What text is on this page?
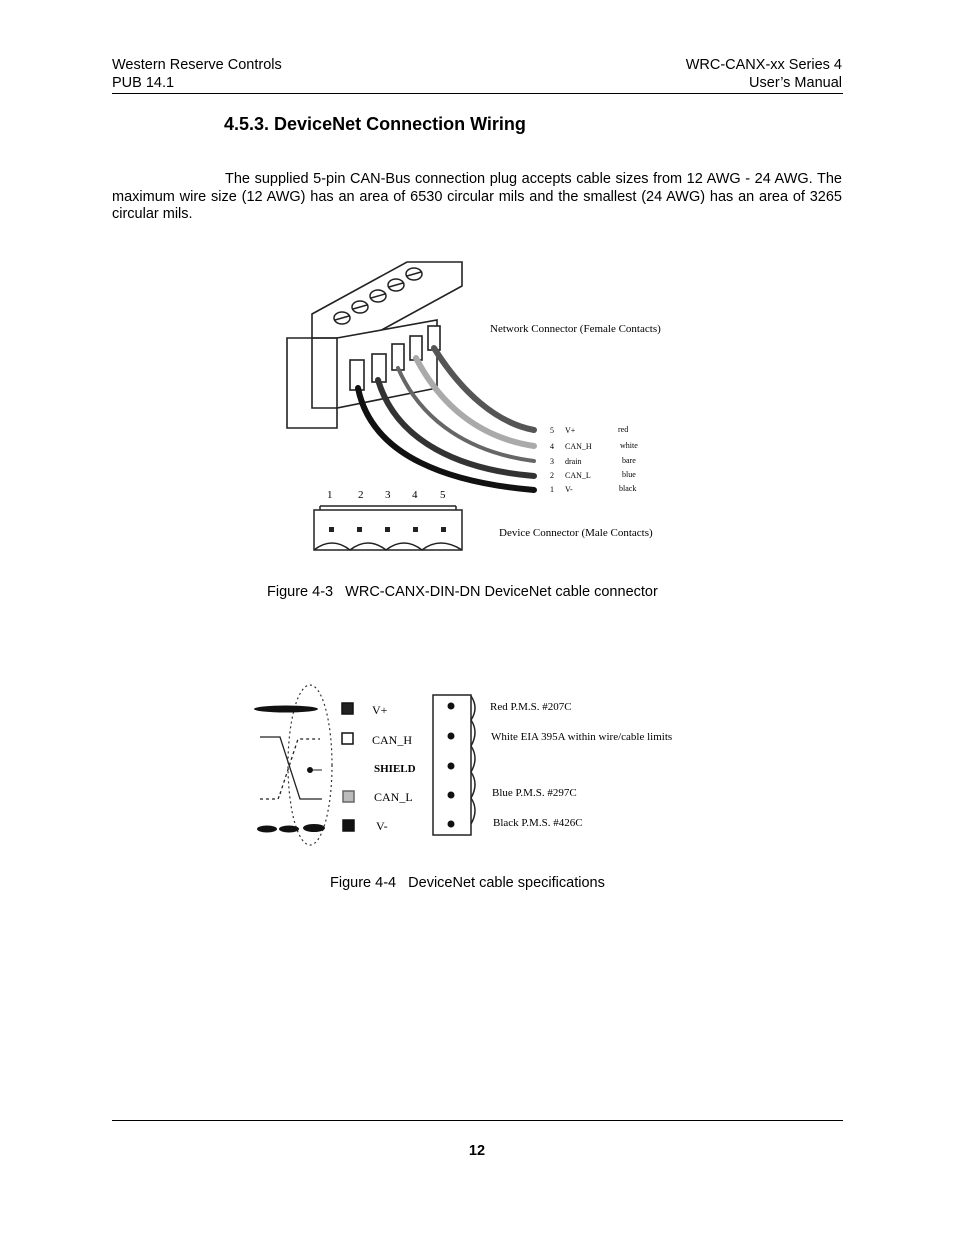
Western Reserve Controls
PUB 14.1
WRC-CANX-xx Series 4
User’s Manual
4.5.3. DeviceNet Connection Wiring
The supplied 5-pin CAN-Bus connection plug accepts cable sizes from 12 AWG - 24 AWG. The maximum wire size (12 AWG) has an area of 6530 circular mils and the smallest (24 AWG) has an area of 3265 circular mils.
1 2 3 4 5
Network Connector (Female Contacts)
Device Connector (Male Contacts)
5 V+	red
4 CAN_H	white
3 drain	bare
2 CAN_L	blue
1 V-	black
Figure 4-3   WRC-CANX-DIN-DN DeviceNet cable connector
V+
CAN_H
SHIELD
CAN_L
V-
Red P.M.S. #207C
White EIA 395A within wire/cable limits
Blue P.M.S. #297C
Black P.M.S. #426C
Figure 4-4   DeviceNet cable specifications
12
